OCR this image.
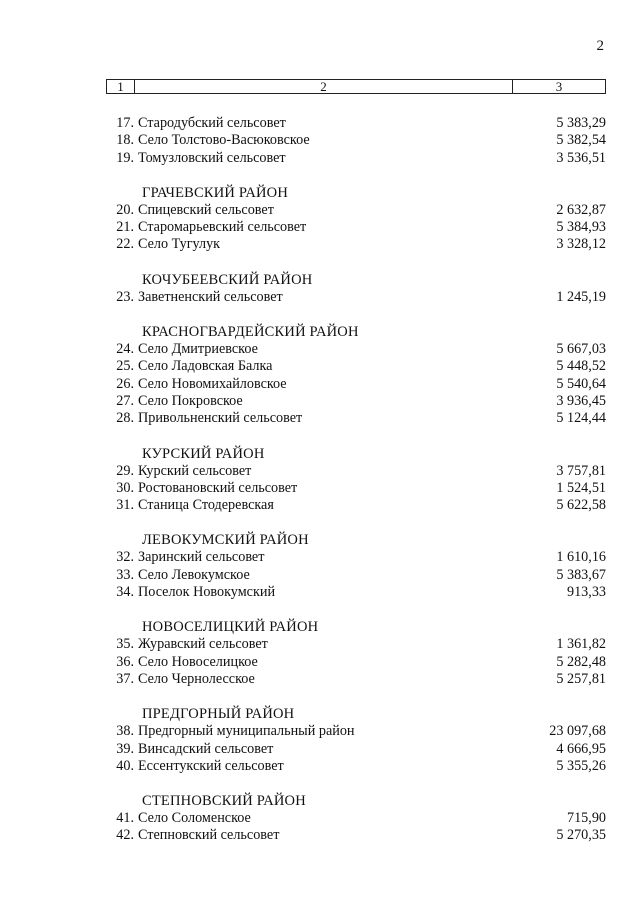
2
1	2	3
17. Стародубский сельсовет	5 383,29
18. Село Толстово-Васюковское	5 382,54
19. Томузловский сельсовет	3 536,51
ГРАЧЕВСКИЙ РАЙОН
20. Спицевский сельсовет	2 632,87
21. Старомарьевский сельсовет	5 384,93
22. Село Тугулук	3 328,12
КОЧУБЕЕВСКИЙ РАЙОН
23. Заветненский сельсовет	1 245,19
КРАСНОГВАРДЕЙСКИЙ РАЙОН
24. Село Дмитриевское	5 667,03
25. Село Ладовская Балка	5 448,52
26. Село Новомихайловское	5 540,64
27. Село Покровское	3 936,45
28. Привольненский сельсовет	5 124,44
КУРСКИЙ РАЙОН
29. Курский сельсовет	3 757,81
30. Ростовановский сельсовет	1 524,51
31. Станица Стодеревская	5 622,58
ЛЕВОКУМСКИЙ РАЙОН
32. Заринский сельсовет	1 610,16
33. Село Левокумское	5 383,67
34. Поселок Новокумский	913,33
НОВОСЕЛИЦКИЙ РАЙОН
35. Журавский сельсовет	1 361,82
36. Село Новоселицкое	5 282,48
37. Село Чернолесское	5 257,81
ПРЕДГОРНЫЙ РАЙОН
38. Предгорный муниципальный район	23 097,68
39. Винсадский сельсовет	4 666,95
40. Ессентукский сельсовет	5 355,26
СТЕПНОВСКИЙ РАЙОН
41. Село Соломенское	715,90
42. Степновский сельсовет	5 270,35
